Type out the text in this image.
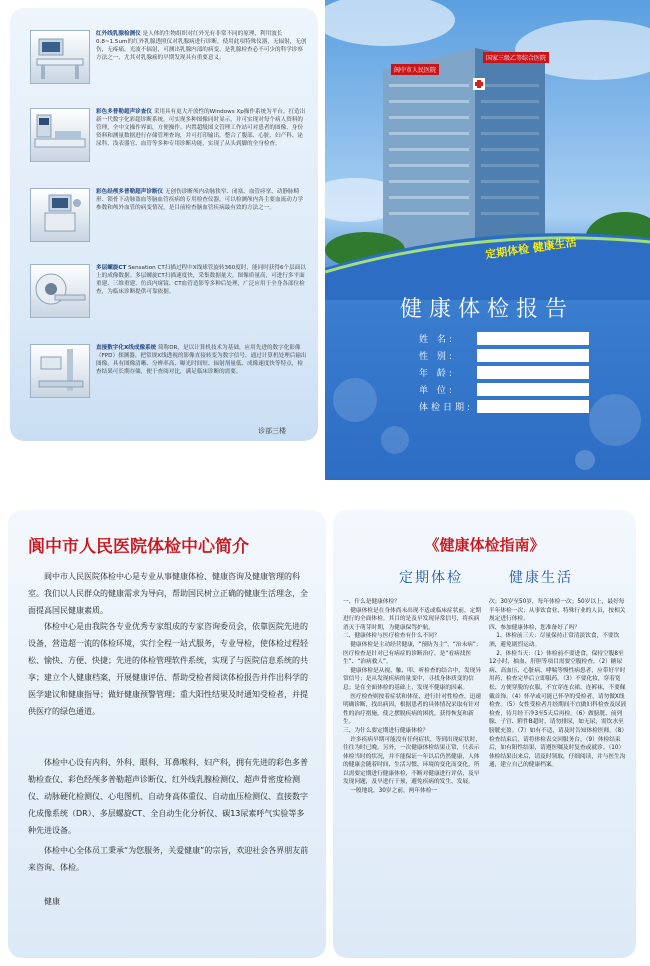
红外线乳腺检测仪 是人体的生物组织对红外光有非常不同的原理，利用波长0.8~1.5um的红外乳腺透照仪对乳腺病进行诊断，使用此项特殊仪器，无辐射，无创伤，无疼痛，光波不辐射，可测出乳腺内部的病变，是乳腺检查必不可少的科学诊察方法之一，尤其对乳腺癌的早期发现具有重要意义。
彩色多普勒超声诊查仪 采用具有更大开放性的Windows Xp操作系统为平台，打造出新一代数字化彩超诊断系统。可实现多种图像同时显示，并可实现对每个病人资料的管理，全中文操作界面，方便操作。内置超级图文管理工作站可对患者的图像、身份资料和测量数据进行存储管理查询，并可打印输出。整合了腹部、心脏、妇产科、泌尿科、浅表器官、血管等多种专用诊断功能，实现了从头到脚的全身检查。
彩色经颅多普勒超声诊断仪 无创伤诊断颅内动脉狭窄、闭塞、血管痉挛、动静脉畸形、锁骨下动脉盗血等脑血管疾病的专用检查仪器，可以检测颅内各主要血流动力学参数和颅外血管的病变情况，是目前检查脑血管疾病最有效的方法之一。
多层螺旋CT Sensation CT扫描过程中X线球管旋转360度时，能同时获得6个层面以上的成像数据。多层螺旋CT扫描速度快，采集数据量大，图像质量高，可进行多平面重建、三维重建、仿真内窥镜、CT血管造影等多种后处理，广泛应用于全身各部位检查，为临床诊断提供可靠依据。
直接数字化X线成像系统 简称DR，是以计算机技术为基础，应用先进的数字化影像（FPD）探测器，把常规X线透视的影像直接转变为数字信号，通过计算机处理后输出图像。具有图像清晰、分辨率高、曝光时间短、辐射剂量低、成像速度快等特点，检查结果可长期存储，便于查阅对比，满足临床诊断的需要。
诊部三楼
阆中市人民医院
国家三级乙等综合医院
定期体检 健康生活
健康体检报告
姓 名:
性 别:
年 龄:
单 位:
体检日期:
阆中市人民医院体检中心简介
阆中市人民医院体检中心是专业从事健康体检、健康咨询及健康管理的科室。我们以人民群众的健康需求为导向，帮助国民树立正确的健康生活理念，全面提高国民健康素质。
体检中心是由我院各专业优秀专家组成的专家咨询委员会，依靠医院先进的设备，营造超一流的体检环境，实行全程一站式服务，专业导检，使体检过程轻松、愉快、方便、快捷；先进的体检管理软件系统，实现了与医院信息系统的共享；建立个人健康档案，开展健康评估、帮助受检者阅读体检报告并作出科学的医学建议和健康指导；做好健康预警管理；重大阳性结果及时通知受检者，并提供医疗的绿色通道。
体检中心设有内科、外科、眼科、耳鼻喉科、妇产科，拥有先进的彩色多普勒检查仪、彩色经颅多普勒超声诊断仪、红外线乳腺检测仪、超声骨密度检测仪、动脉硬化检测仪、心电图机、自动身高体重仪、自动血压检测仪、直接数字化成像系统（DR）、多层螺旋CT、全自动生化分析仪、碳13尿素呼气实验等多种先进设备。
体检中心全体员工秉承“为您服务，关爱健康”的宗旨，欢迎社会各界朋友前来咨询、体检。
健康
《健康体检指南》
定期体检	健康生活
一、什么是健康体检？
健康体检是在身体尚未出现不适或临床症状前，定期进行的全面体检。其目的是及早发现异常信号，将疾病消灭于萌芽时期，为健康保驾护航。
二、健康体检与医疗检查有什么不同？
健康体检是主动经营健康，“预防为主”、“治未病”；医疗检查是针对已有病症的诊断治疗，是“看病找医生”、“治病救人”。
健康体检是从视、触、叩、听检查的结合中，发现异常信号；是从发现疾病的量变中，寻找身体质变的信息；是在全面体检的基础上，发现不健康的因素。
医疗检查则按着症状和体征，进行针对性检查，迅速明确诊断，找出病因，根据患者的具体情况采取有针对性的治疗措施，使之摆脱疾病的困扰，获得恢复和新生。
三、为什么要定期进行健康体检？
许多疾病早期可能没有任何症状，等到出现症状时，往往为时已晚。另外，一次健康体检结果正常，只表示体检当时的状况，并不能保证一年以后仍然健康，人体的健康会随着时间、生活习惯、环境的变化而变化，所以需要定期进行健康体检，不断对健康进行评估，及早发现问题，及早进行干预，避免疾病的发生、发展。
一般地说，30岁之前，两年体检一
次；30岁至50岁，每年体检一次；50岁以上，最好每半年体检一次；从事饮食业、特殊行业的人员，按相关规定进行体检。
四、参加健康体检，您准备好了吗？
1、体检前三天：尽量保持正常清淡饮食，不要饮酒，避免剧烈运动。
2、体检当天：（1）体检前不要进食，保持空腹8至12小时，抽血、肝胆等项目需要空腹检查。（2）糖尿病、高血压、心脏病、哮喘等慢性病患者，应带好平时用药，检查完毕后立即服药。（3）不要化妆，穿着宽松、方便穿脱的衣服，不宜穿连衣裙、连裤袜，不要佩戴首饰。（4）怀孕或可能已怀孕的受检者，请勿做X线检查。（5）女性受检者月经期间不宜做妇科检查及尿液检查，待月经干净3至5天后再检。（6）做膀胱、前列腺、子宫、附件B超时，请勿排尿，如无尿，需饮水至膀胱充盈。（7）如有不适，请及时告知体检医师。（8）检查结束后，请将体检表交回服务台。（9）体检结束后，如有阳性结果，请遵医嘱及时复查或就诊。（10）体检结果出来后，请及时领取，仔细阅读，并与医生沟通，建立自己的健康档案。
